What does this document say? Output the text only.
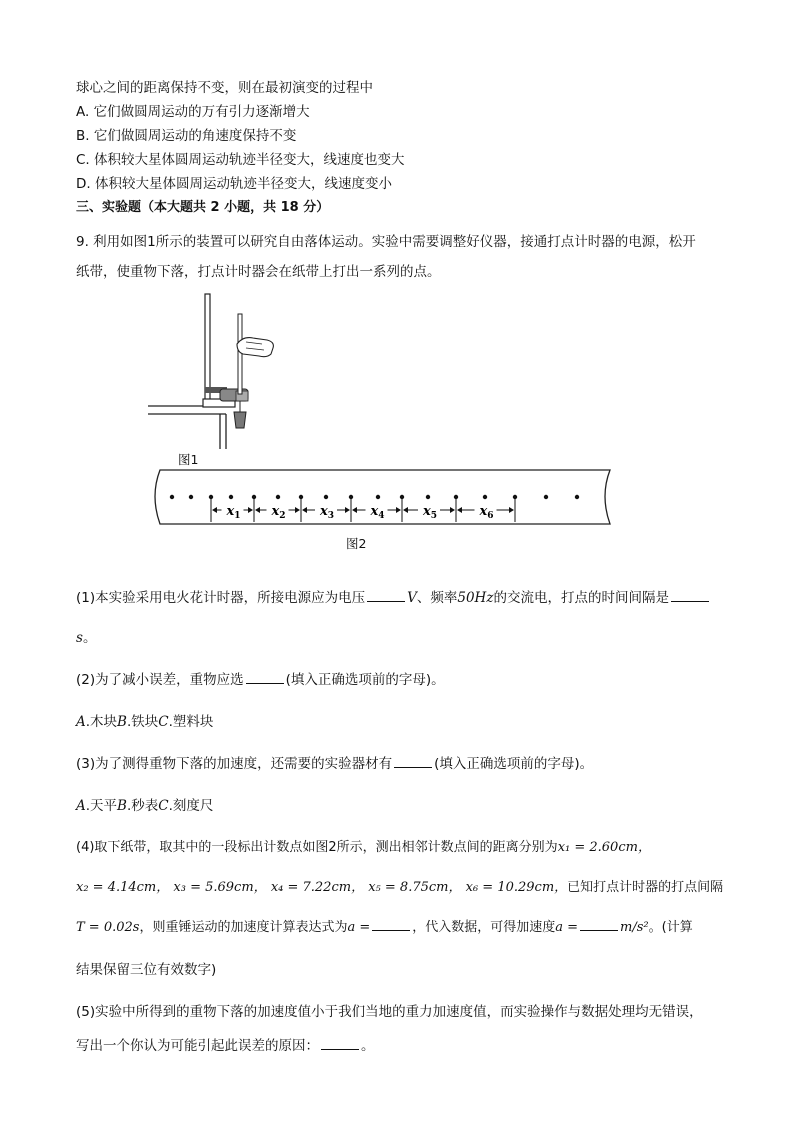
球心之间的距离保持不变，则在最初演变的过程中
A. 它们做圆周运动的万有引力逐渐增大
B. 它们做圆周运动的角速度保持不变
C. 体积较大星体圆周运动轨迹半径变大，线速度也变大
D. 体积较大星体圆周运动轨迹半径变大，线速度变小
三、实验题（本大题共 2 小题，共 18 分）
9. 利用如图1所示的装置可以研究自由落体运动。实验中需要调整好仪器，接通打点计时器的电源，松开
纸带，使重物下落，打点计时器会在纸带上打出一系列的点。
图1
$x_1$ $x_2$	$x_3$	$x_4$	$x_5$	$x_6$
图2
(1)本实验采用电火花计时器，所接电源应为电压	V、频率50Hz的交流电，打点的时间间隔是
s。
(2)为了减小误差，重物应选	(填入正确选项前的字母)。
A.木块B.铁块C.塑料块
(3)为了测得重物下落的加速度，还需要的实验器材有	(填入正确选项前的字母)。
A.天平B.秒表C.刻度尺
(4)取下纸带，取其中的一段标出计数点如图2所示，测出相邻计数点间的距离分别为x₁ = 2.60cm，
x₂ = 4.14cm， x₃ = 5.69cm， x₄ = 7.22cm， x₅ = 8.75cm， x₆ = 10.29cm，已知打点计时器的打点间隔
T = 0.02s，则重锤运动的加速度计算表达式为a =	，代入数据，可得加速度a =	m/s²。(计算
结果保留三位有效数字)
(5)实验中所得到的重物下落的加速度值小于我们当地的重力加速度值，而实验操作与数据处理均无错误，
写出一个你认为可能引起此误差的原因：	。
